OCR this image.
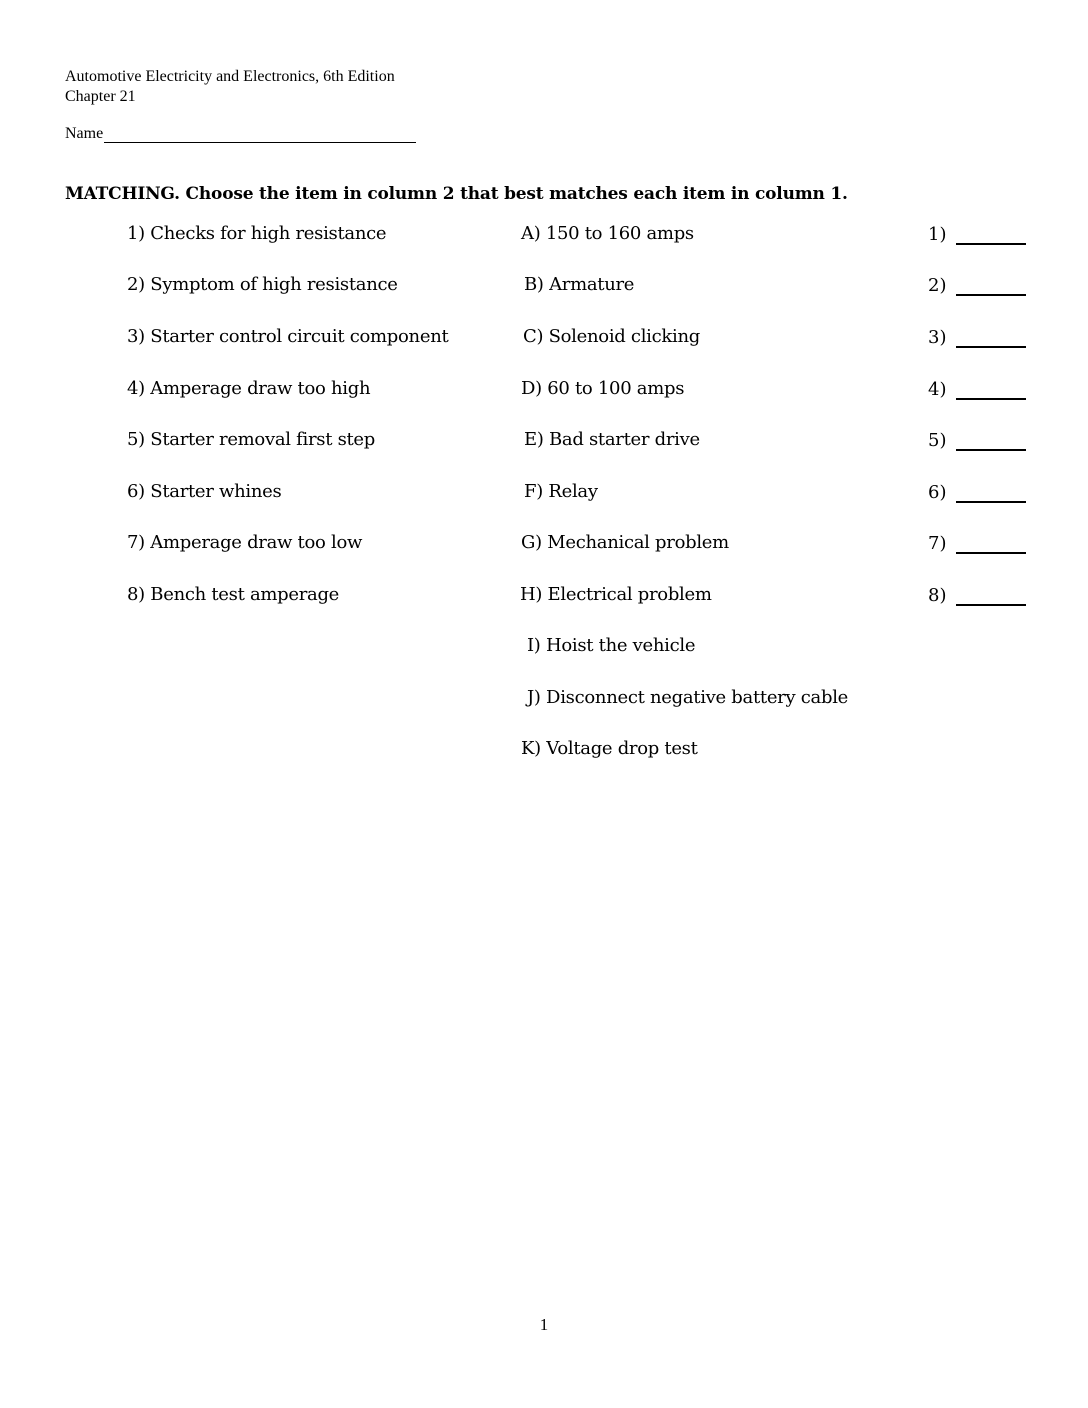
Automotive Electricity and Electronics, 6th Edition
Chapter 21
Name
MATCHING. Choose the item in column 2 that best matches each item in column 1.
1) Checks for high resistance
2) Symptom of high resistance
3) Starter control circuit component
4) Amperage draw too high
5) Starter removal first step
6) Starter whines
7) Amperage draw too low
8) Bench test amperage
A) 150 to 160 amps
B) Armature
C) Solenoid clicking
D) 60 to 100 amps
E) Bad starter drive
F) Relay
G) Mechanical problem
H) Electrical problem
I) Hoist the vehicle
J) Disconnect negative battery cable
K) Voltage drop test
1)
2)
3)
4)
5)
6)
7)
8)
1
